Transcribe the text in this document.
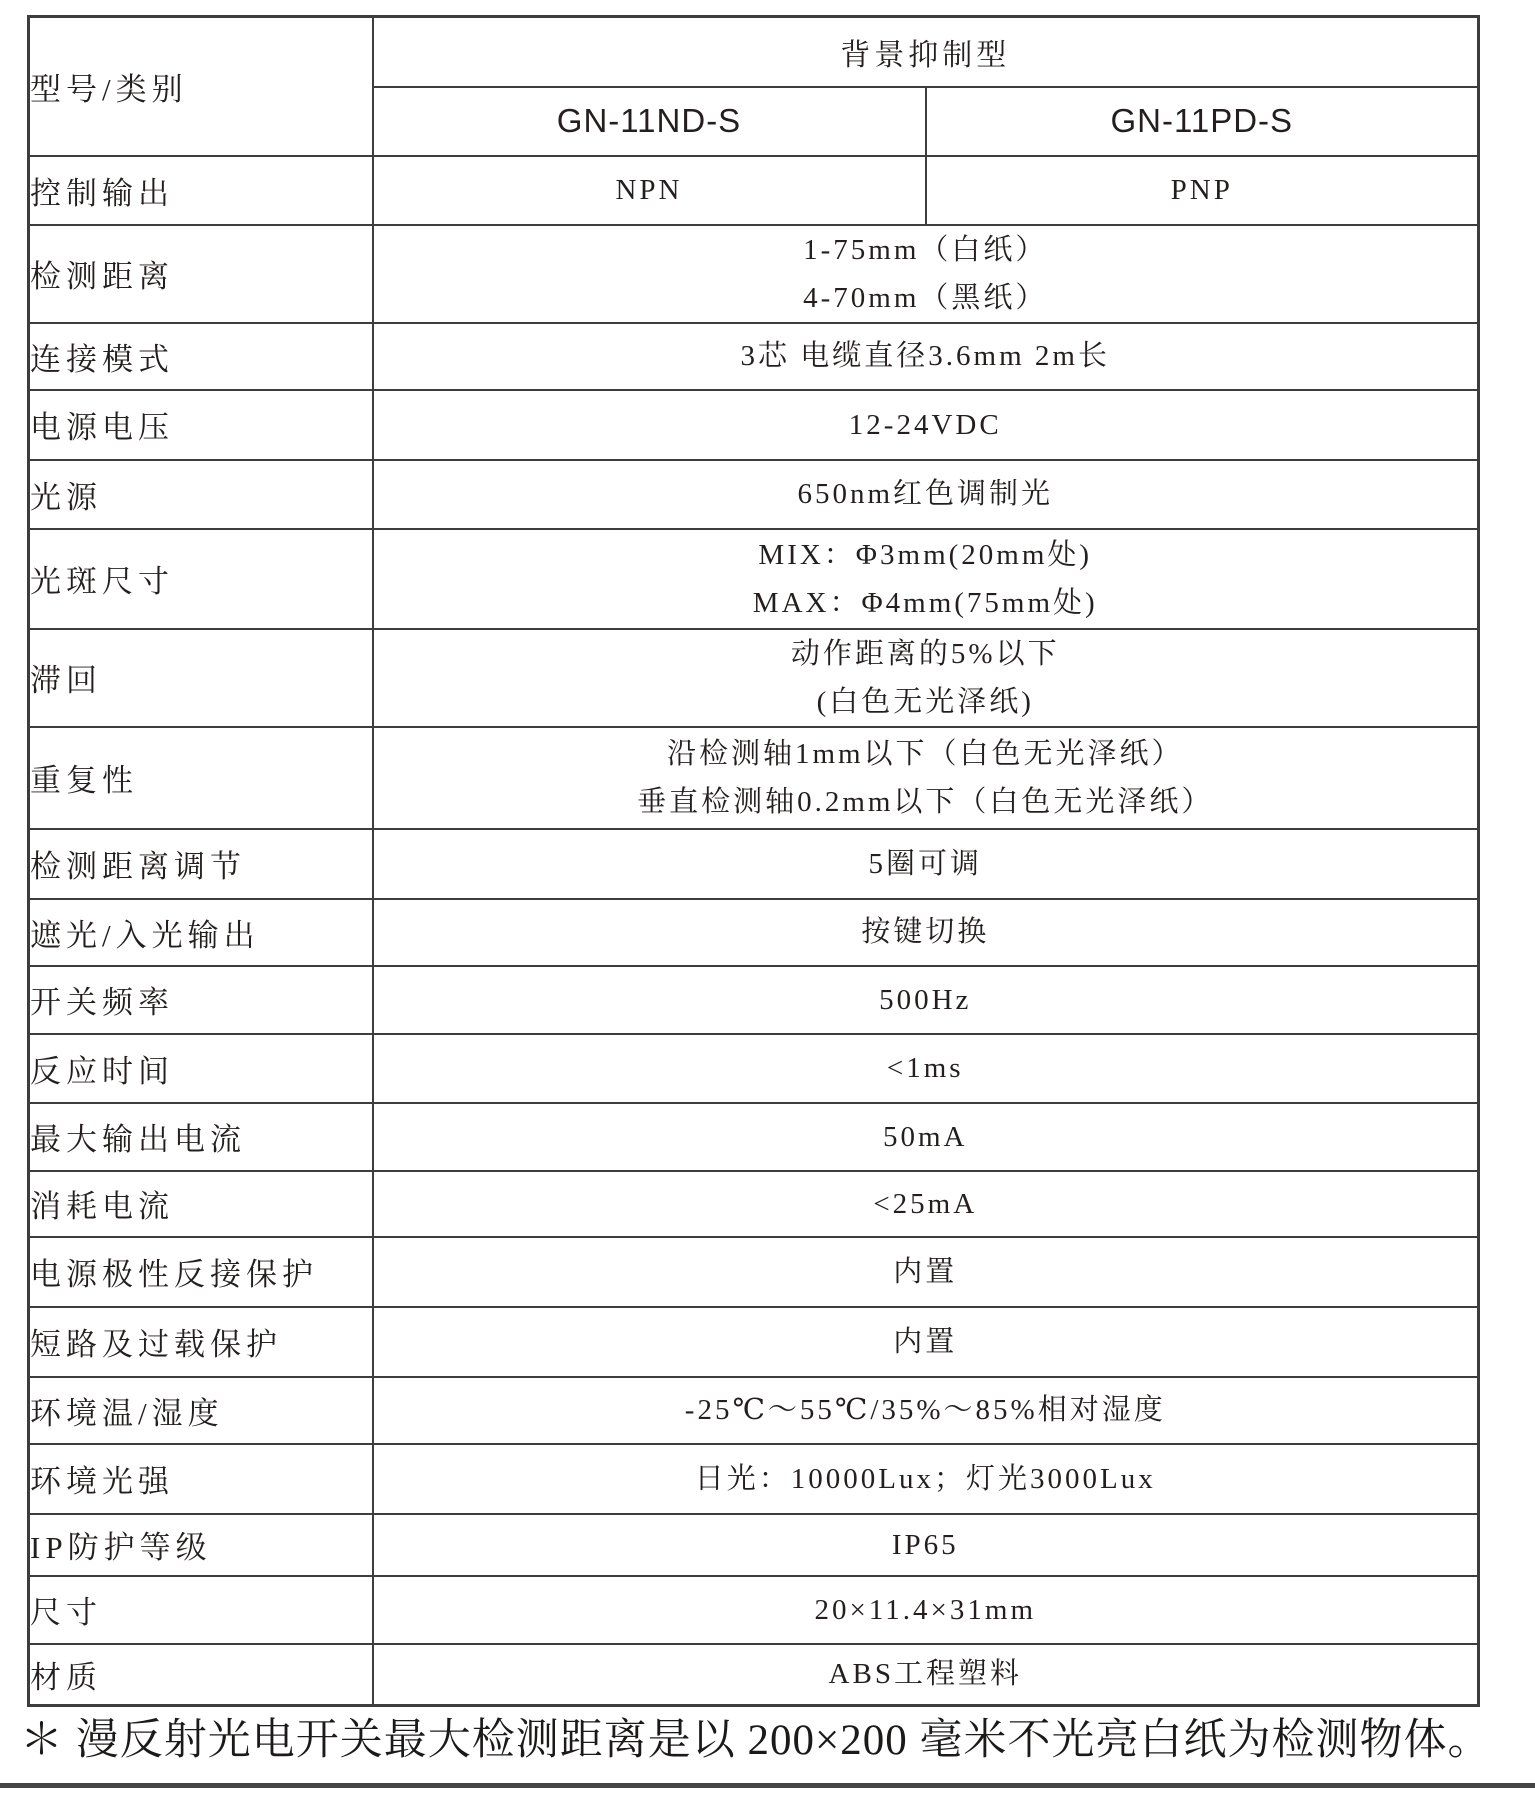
型号/类别	背景抑制型	
	GN-11ND-S	GN-11PD-S
控制输出	NPN	PNP
检测距离	1-75mm（白纸）
4-70mm（黑纸）	

连接模式	3芯 电缆直径3.6mm 2m长	

电源电压	12-24VDC	

光源	650nm红色调制光	

光斑尺寸	MIX：Φ3mm(20mm处)
MAX：Φ4mm(75mm处)	

滞回	动作距离的5%以下
(白色无光泽纸)	

重复性	沿检测轴1mm以下（白色无光泽纸）
垂直检测轴0.2mm以下（白色无光泽纸）	

检测距离调节	5圈可调	

遮光/入光输出	按键切换	

开关频率	500Hz	

反应时间	<1ms	

最大输出电流	50mA	

消耗电流	<25mA	

电源极性反接保护	内置	

短路及过载保护	内置	

环境温/湿度	-25℃～55℃/35%～85%相对湿度	

环境光强	日光：10000Lux；灯光3000Lux	

IP防护等级	IP65	

尺寸	20×11.4×31mm	

材质	ABS工程塑料	
＊ 漫反射光电开关最大检测距离是以 200×200 毫米不光亮白纸为检测物体。
